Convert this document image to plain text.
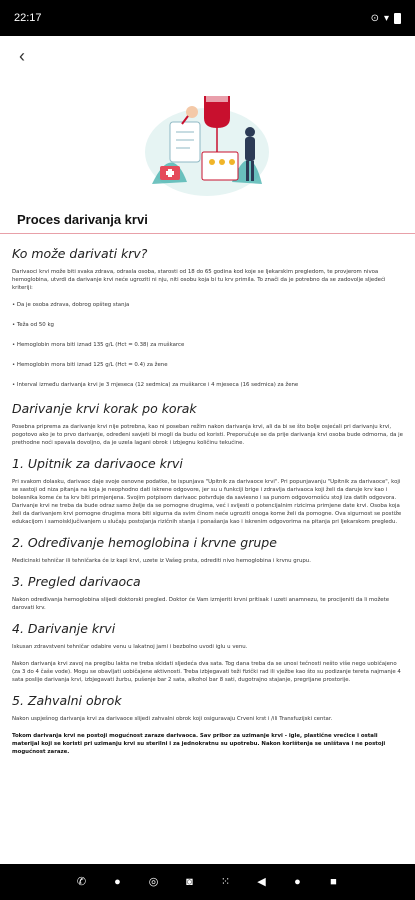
22:17	⊙ ▾
‹
Proces darivanja krvi
Ko može darivati krv?
Darivaoci krvi može biti svaka zdrava, odrasla osoba, starosti od 18 do 65 godina kod koje se ljekarskim pregledom, te provjerom nivoa hemoglobina, utvrdi da darivanje krvi neće ugroziti ni nju, niti osobu koja bi tu krv primila. To znači da je potrebno da se zadovolje sljedeći kriteriji:
• Da je osoba zdrava, dobrog opšteg stanja
• Teža od 50 kg
• Hemoglobin mora biti iznad 135 g/L (Hct = 0.38) za muškarce
• Hemoglobin mora biti iznad 125 g/L (Hct = 0.4) za žene
• Interval između darivanja krvi je 3 mjeseca (12 sedmica) za muškarce i 4 mjeseca (16 sedmica) za žene
Darivanje krvi korak po korak
Posebna priprema za darivanje krvi nije potrebna, kao ni poseban režim nakon darivanja krvi, ali da bi se što bolje osjećali pri darivanju krvi, pogotovo ako je to prvo darivanje, određeni savjeti bi mogli da budu od koristi. Preporučuje se da prije darivanja krvi osoba bude odmorna, da je prethodne noći spavala dovoljno, da je uzela lagani obrok i izbjegnu količinu tekućine.
1. Upitnik za darivaoce krvi
Pri svakom dolasku, darivaoc daje svoje osnovne podatke, te ispunjava "Upitnik za darivaoce krvi". Pri popunjavanju "Upitnik za darivaoce", koji se sastoji od niza pitanja na koja je neophodno dati iskrene odgovore, jer su u funkciji brige i zdravlja darivaoca koji želi da daruje krv kao i bolesnika kome će ta krv biti primjenjena. Svojim potpisom darivaoc potvrđuje da saviesno i sa punom odgovornošću stoji iza datih odgovora. Darivanje krvi ne treba da bude odraz samo želje da se pomogne drugima, već i svijesti o potencijalnim rizicima primjene date krvi. Osoba koja želi da darivanjem krvi pomogne drugima mora biti sigurna da svim činom neće ugroziti onoga kome želi da pomogne. Ova sigurnost se postiže edukacijom i samoisključivanjem u slučaju postojanja rizičnih stanja i ponašanja kao i iskrenim odgovorima na pitanja pri ljekarskom pregledu.
2. Određivanje hemoglobina i krvne grupe
Medicinski tehničar ili tehničarka će iz kapi krvi, uzete iz Vašeg prsta, odrediti nivo hemoglobina i krvnu grupu.
3. Pregled darivaoca
Nakon određivanja hemoglobina slijedi doktorski pregled. Doktor će Vam izmjeriti krvni pritisak i uzeti anamnezu, te procijeniti da li možete darovati krv.
4. Darivanje krvi
Iskusan zdravstveni tehničar odabire venu u lakatnoj jami i bezbolno uvodi iglu u venu.
Nakon darivanja krvi zavoj na pregibu lakta ne treba skidati sljedeća dva sata. Tog dana treba da se unosi tečnosti nešto više nego uobičajeno (za 3 do 4 čaše vode). Mogu se obavljati uobičajene aktivnosti. Treba izbjegavati teži fizički rad ili vježbe kao što su podizanje tereta najmanje 4 sata poslije darivanja krvi, izbjegavati žurbu, pušenje bar 2 sata, alkohol bar 8 sati, dugotrajno stajanje, pregrijane prostorije.
5. Zahvalni obrok
Nakon uspješnog darivanja krvi za darivaoce slijedi zahvalni obrok koji osiguravaju Crveni krst i /ili Transfuzijski centar.
Tokom darivanja krvi ne postoji mogućnost zaraze darivaoca. Sav pribor za uzimanje krvi - igle, plastične vrećice i ostali materijal koji se koristi pri uzimanju krvi su sterilni i za jednokratnu su upotrebu. Nakon korištenja se uništava i ne postoji mogućnost zaraze.
✆	●	◎	◙	⁙	◀	●	■
